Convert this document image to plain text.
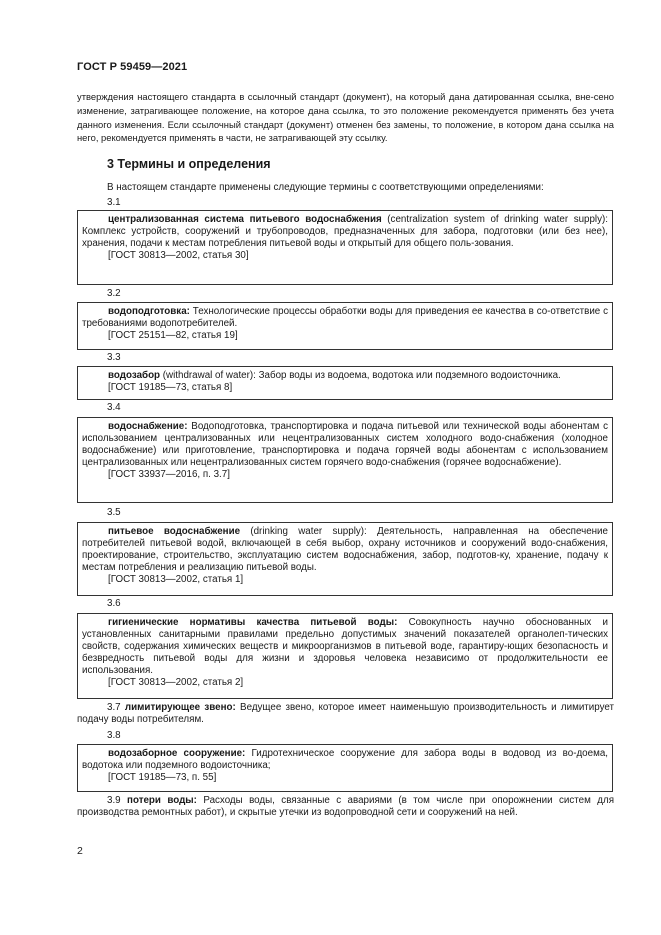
ГОСТ Р 59459—2021

утверждения настоящего стандарта в ссылочный стандарт (документ), на который дана датированная ссылка, вне-сено изменение, затрагивающее положение, на которое дана ссылка, то это положение рекомендуется применять без учета данного изменения. Если ссылочный стандарт (документ) отменен без замены, то положение, в котором дана ссылка на него, рекомендуется применять в части, не затрагивающей эту ссылку.

3 Термины и определения
В настоящем стандарте применены следующие термины с соответствующими определениями:
3.1

централизованная система питьевого водоснабжения (centralization system of drinking water supply): Комплекс устройств, сооружений и трубопроводов, предназначенных для забора, подготовки (или без нее), хранения, подачи к местам потребления питьевой воды и открытый для общего поль-зования.

[ГОСТ 30813—2002, статья 30]

3.2

водоподготовка: Технологические процессы обработки воды для приведения ее качества в со-ответствие с требованиями водопотребителей.

[ГОСТ 25151—82, статья 19]

3.3

водозабор (withdrawal of water): Забор воды из водоема, водотока или подземного водоисточника.

[ГОСТ 19185—73, статья 8]

3.4

водоснабжение: Водоподготовка, транспортировка и подача питьевой или технической воды абонентам с использованием централизованных или нецентрализованных систем холодного водо-снабжения (холодное водоснабжение) или приготовление, транспортировка и подача горячей воды абонентам с использованием централизованных или нецентрализованных систем горячего водо-снабжения (горячее водоснабжение).

[ГОСТ 33937—2016, п. 3.7]

3.5

питьевое водоснабжение (drinking water supply): Деятельность, направленная на обеспечение потребителей питьевой водой, включающей в себя выбор, охрану источников и сооружений водо-снабжения, проектирование, строительство, эксплуатацию систем водоснабжения, забор, подготов-ку, хранение, подачу к местам потребления и реализацию питьевой воды.

[ГОСТ 30813—2002, статья 1]

3.6

гигиенические нормативы качества питьевой воды: Совокупность научно обоснованных и установленных санитарными правилами предельно допустимых значений показателей органолеп-тических свойств, содержания химических веществ и микроорганизмов в питьевой воде, гарантиру-ющих безопасность и безвредность питьевой воды для жизни и здоровья человека независимо от продолжительности ее использования.

[ГОСТ 30813—2002, статья 2]

3.7 лимитирующее звено: Ведущее звено, которое имеет наименьшую производительность и лимитирует подачу воды потребителям.

3.8

водозаборное сооружение: Гидротехническое сооружение для забора воды в водовод из во-доема, водотока или подземного водоисточника;

[ГОСТ 19185—73, п. 55]

3.9 потери воды: Расходы воды, связанные с авариями (в том числе при опорожнении систем для производства ремонтных работ), и скрытые утечки из водопроводной сети и сооружений на ней.

2
